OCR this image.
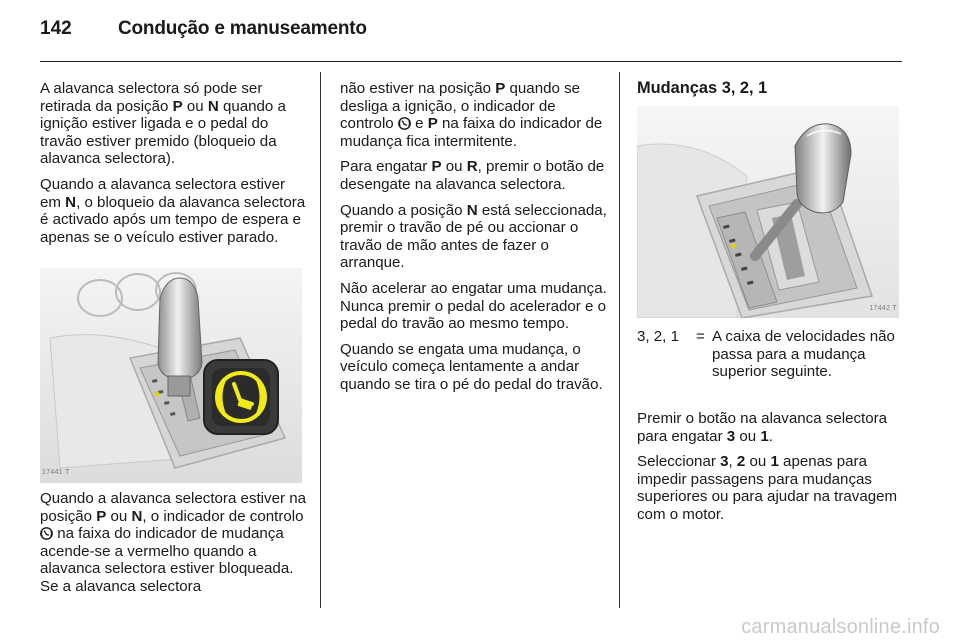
142 Condução e manuseamento

A alavanca selectora só pode ser retirada da posição P ou N quando a ignição estiver ligada e o pedal do travão estiver premido (bloqueio da alavanca selectora).

Quando a alavanca selectora estiver em N, o bloqueio da alavanca selectora é activado após um tempo de espera e apenas se o veículo estiver parado.

17441 T

Quando a alavanca selectora estiver na posição P ou N, o indicador de controlo  na faixa do indicador de mudança acende-se a vermelho quando a alavanca selectora estiver bloqueada. Se a alavanca selectora

não estiver na posição P quando se desliga a ignição, o indicador de controlo  e P na faixa do indicador de mudança fica intermitente.

Para engatar P ou R, premir o botão de desengate na alavanca selectora.

Quando a posição N está seleccionada, premir o travão de pé ou accionar o travão de mão antes de fazer o arranque.

Não acelerar ao engatar uma mudança. Nunca premir o pedal do acelerador e o pedal do travão ao mesmo tempo.

Quando se engata uma mudança, o veículo começa lentamente a andar quando se tira o pé do pedal do travão.

Mudanças 3, 2, 1
17442 T
3, 2, 1 = A caixa de velocidades não passa para a mudança superior seguinte.

Premir o botão na alavanca selectora para engatar 3 ou 1.

Seleccionar 3, 2 ou 1 apenas para impedir passagens para mudanças superiores ou para ajudar na travagem com o motor.

carmanualsonline.info
